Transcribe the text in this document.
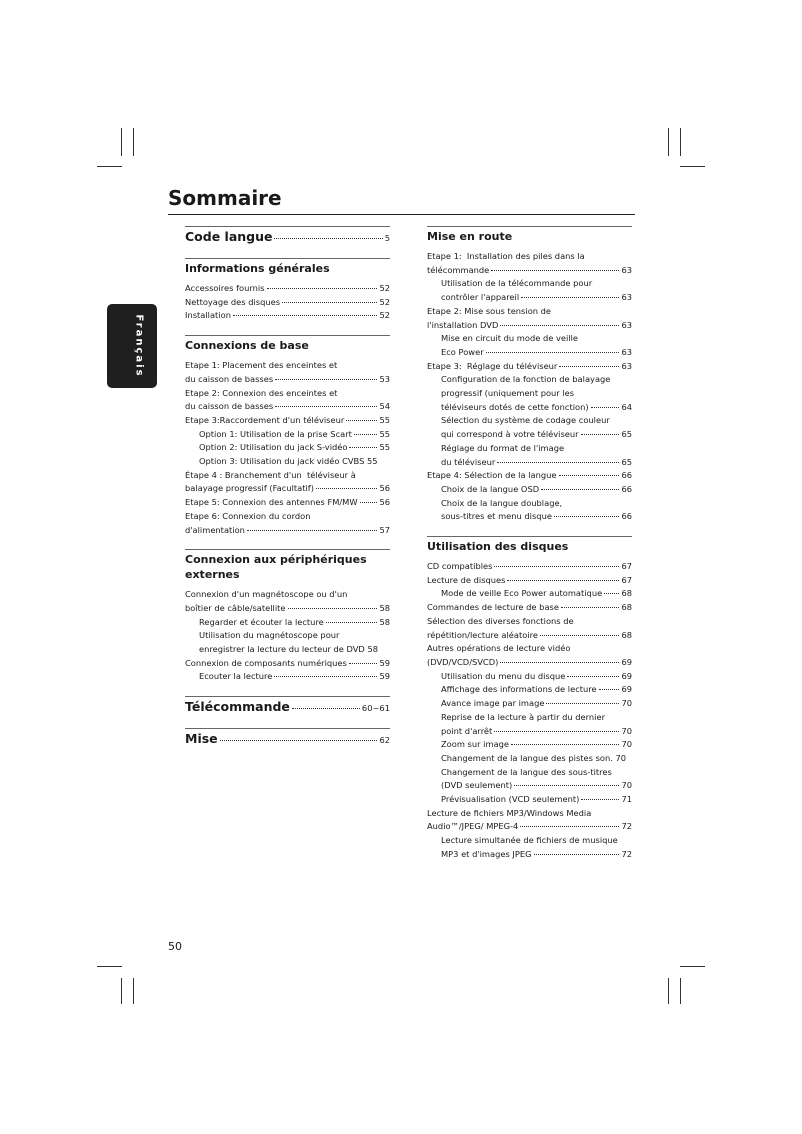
Sommaire
Français
Code langue	5
Informations générales
Accessoires fournis	52
Nettoyage des disques	52
Installation	52
Connexions de base
Etape 1: Placement des enceintes et
du caisson de basses	53
Etape 2: Connexion des enceintes et
du caisson de basses	54
Etape 3:Raccordement d'un téléviseur	55
Option 1: Utilisation de la prise Scart	55
Option 2: Utilisation du jack S-vidéo	55
Option 3: Utilisation du jack vidéo CVBS 55
Étape 4 : Branchement d'un  téléviseur à
balayage progressif (Facultatif)	56
Etape 5: Connexion des antennes FM/MW	56
Etape 6: Connexion du cordon
d'alimentation	57
Connexion aux périphériques externes
Connexion d'un magnétoscope ou d'un
boîtier de câble/satellite	58
Regarder et écouter la lecture	58
Utilisation du magnétoscope pour
enregistrer la lecture du lecteur de DVD 58
Connexion de composants numériques	59
Ecouter la lecture	59
Télécommande	60~61
Mise	62
Mise en route
Etape 1:  Installation des piles dans la
télécommande	63
Utilisation de la télécommande pour
contrôler l'appareil	63
Etape 2: Mise sous tension de
l'installation DVD	63
Mise en circuit du mode de veille
Eco Power	63
Etape 3:  Réglage du téléviseur	63
Configuration de la fonction de balayage
progressif (uniquement pour les
téléviseurs dotés de cette fonction)	64
Sélection du système de codage couleur
qui correspond à votre téléviseur	65
Réglage du format de l'image
du téléviseur	65
Etape 4: Sélection de la langue	66
Choix de la langue OSD	66
Choix de la langue doublage,
sous-titres et menu disque	66
Utilisation des disques
CD compatibles	67
Lecture de disques	67
Mode de veille Eco Power automatique 68
Commandes de lecture de base	68
Sélection des diverses fonctions de
répétition/lecture aléatoire	68
Autres opérations de lecture vidéo
(DVD/VCD/SVCD)	69
Utilisation du menu du disque	69
Affichage des informations de lecture	69
Avance image par image	70
Reprise de la lecture à partir du dernier
point d'arrêt	70
Zoom sur image	70
Changement de la langue des pistes son. 70
Changement de la langue des sous-titres
(DVD seulement)	70
Prévisualisation (VCD seulement)	71
Lecture de fichiers MP3/Windows Media
Audio™/JPEG/ MPEG-4	72
Lecture simultanée de fichiers de musique
MP3 et d'images JPEG	72
50
